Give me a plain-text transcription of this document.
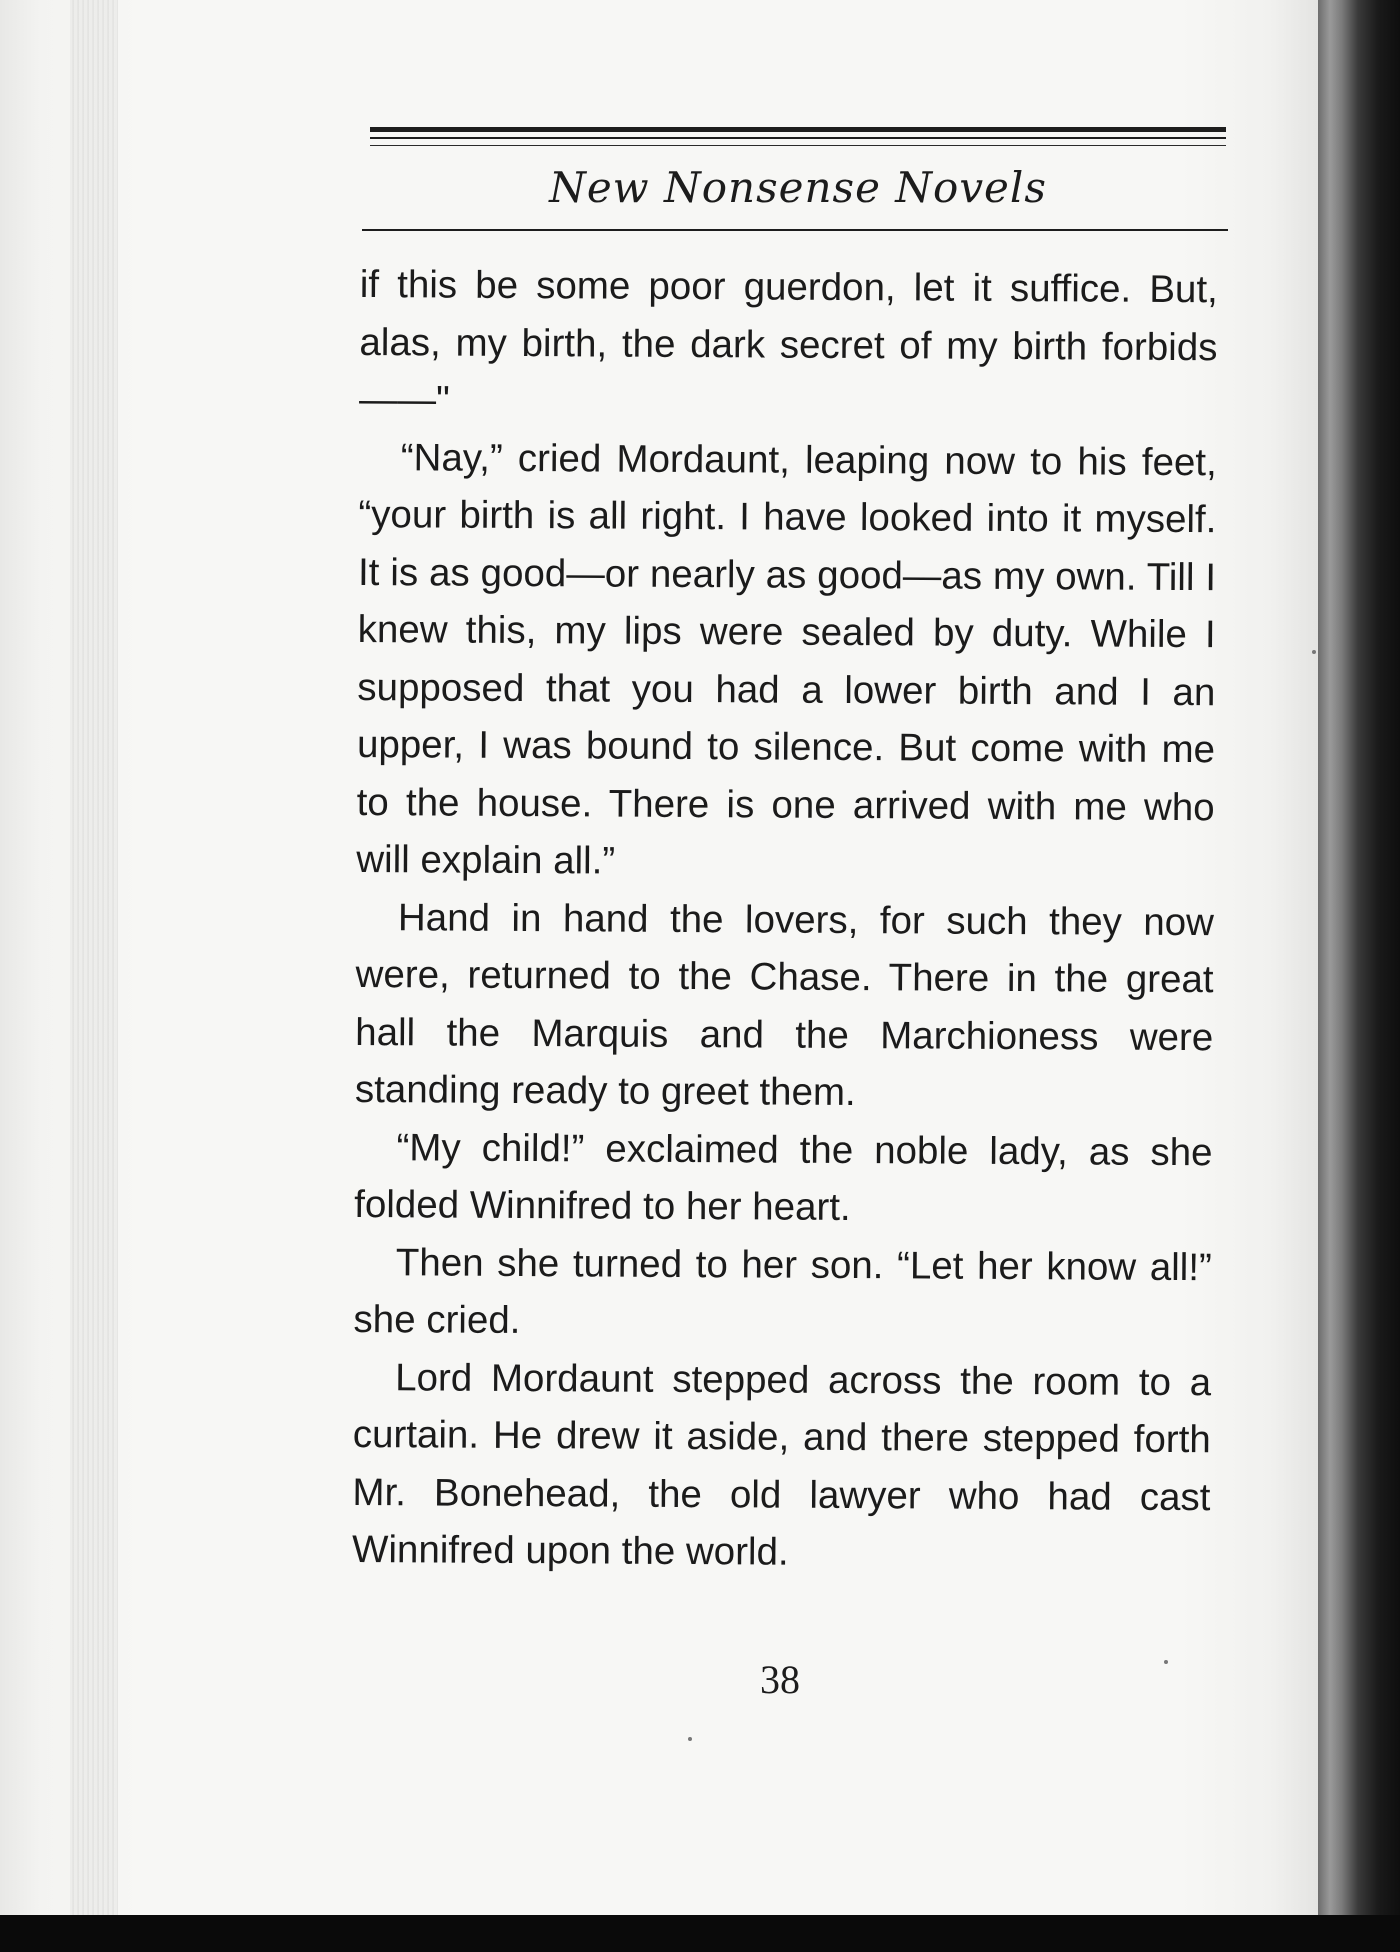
New Nonsense Novels

if this be some poor guerdon, let it suffice. But, alas, my birth, the dark secret of my birth forbids——"

“Nay,” cried Mordaunt, leaping now to his feet, “your birth is all right. I have looked into it myself. It is as good—or nearly as good—as my own. Till I knew this, my lips were sealed by duty. While I supposed that you had a lower birth and I an upper, I was bound to silence. But come with me to the house. There is one arrived with me who will explain all.”

Hand in hand the lovers, for such they now were, returned to the Chase. There in the great hall the Marquis and the Marchioness were standing ready to greet them.

“My child!” exclaimed the noble lady, as she folded Winnifred to her heart.

Then she turned to her son. “Let her know all!” she cried.

Lord Mordaunt stepped across the room to a curtain. He drew it aside, and there stepped forth Mr. Bonehead, the old lawyer who had cast Winnifred upon the world.

38
